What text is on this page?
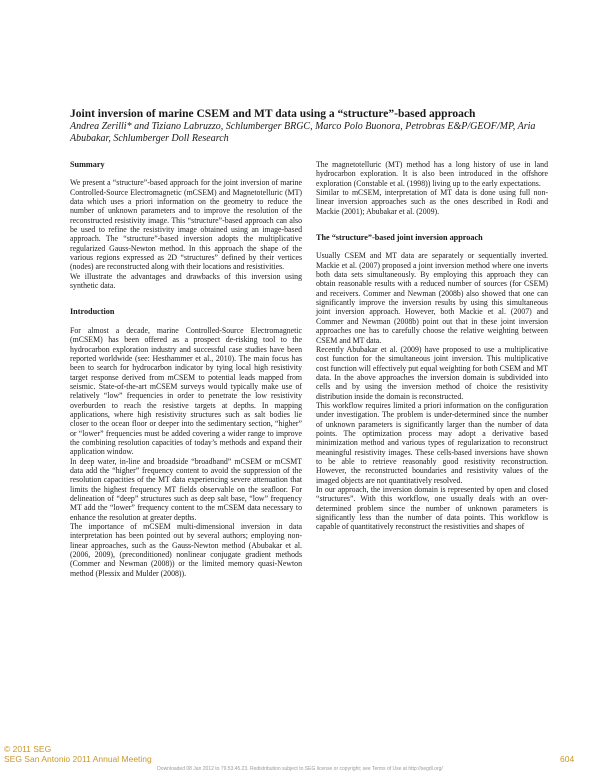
Joint inversion of marine CSEM and MT data using a “structure”-based approach
Andrea Zerilli* and Tiziano Labruzzo, Schlumberger BRGC, Marco Polo Buonora, Petrobras E&P/GEOF/MP, Aria Abubakar, Schlumberger Doll Research
Summary

We present a “structure”-based approach for the joint inversion of marine Controlled-Source Electromagnetic (mCSEM) and Magnetotelluric (MT) data which uses a priori information on the geometry to reduce the number of unknown parameters and to improve the resolution of the reconstructed resistivity image. This “structure”-based approach can also be used to refine the resistivity image obtained using an image-based approach. The “structure”-based inversion adopts the multiplicative regularized Gauss-Newton method. In this approach the shape of the various regions expressed as 2D “structures” defined by their vertices (nodes) are reconstructed along with their locations and resistivities.

We illustrate the advantages and drawbacks of this inversion using synthetic data.

Introduction

For almost a decade, marine Controlled-Source Electromagnetic (mCSEM) has been offered as a prospect de-risking tool to the hydrocarbon exploration industry and successful case studies have been reported worldwide (see: Hesthammer et al., 2010). The main focus has been to search for hydrocarbon indicator by tying local high resistivity target response derived from mCSEM to potential leads mapped from seismic. State-of-the-art mCSEM surveys would typically make use of relatively “low” frequencies in order to penetrate the low resistivity overburden to reach the resistive targets at depths. In mapping applications, where high resistivity structures such as salt bodies lie closer to the ocean floor or deeper into the sedimentary section, “higher” or “lower” frequencies must be added covering a wider range to improve the combining resolution capacities of today’s methods and expand their application window.

In deep water, in-line and broadside “broadband” mCSEM or mCSMT data add the “higher” frequency content to avoid the suppression of the resolution capacities of the MT data experiencing severe attenuation that limits the highest frequency MT fields observable on the seafloor. For delineation of “deep” structures such as deep salt base, “low” frequency MT add the “lower” frequency content to the mCSEM data necessary to enhance the resolution at greater depths.

The importance of mCSEM multi-dimensional inversion in data interpretation has been pointed out by several authors; employing non-linear approaches, such as the Gauss-Newton method (Abubakar et al. (2006, 2009), (preconditioned) nonlinear conjugate gradient methods (Commer and Newman (2008)) or the limited memory quasi-Newton method (Plessix and Mulder (2008)).

The magnetotelluric (MT) method has a long history of use in land hydrocarbon exploration. It is also been introduced in the offshore exploration (Constable et al. (1998)) living up to the early expectations.

Similar to mCSEM, interpretation of MT data is done using full non-linear inversion approaches such as the ones described in Rodi and Mackie (2001); Abubakar et al. (2009).

The “structure”-based joint inversion approach

Usually CSEM and MT data are separately or sequentially inverted. Mackie et al. (2007) proposed a joint inversion method where one inverts both data sets simultaneously. By employing this approach they can obtain reasonable results with a reduced number of sources (for CSEM) and receivers. Commer and Newman (2008b) also showed that one can significantly improve the inversion results by using this simultaneous joint inversion approach. However, both Mackie et al. (2007) and Commer and Newman (2008b) point out that in these joint inversion approaches one has to carefully choose the relative weighting between CSEM and MT data.

Recently Abubakar et al. (2009) have proposed to use a multiplicative cost function for the simultaneous joint inversion. This multiplicative cost function will effectively put equal weighting for both CSEM and MT data. In the above approaches the inversion domain is subdivided into cells and by using the inversion method of choice the resistivity distribution inside the domain is reconstructed.

This workflow requires limited a priori information on the configuration under investigation. The problem is under-determined since the number of unknown parameters is significantly larger than the number of data points. The optimization process may adopt a derivative based minimization method and various types of regularization to reconstruct meaningful resistivity images. These cells-based inversions have shown to be able to retrieve reasonably good resistivity reconstruction. However, the reconstructed boundaries and resistivity values of the imaged objects are not quantitatively resolved.

In our approach, the inversion domain is represented by open and closed “structures”. With this workflow, one usually deals with an over-determined problem since the number of unknown parameters is significantly less than the number of data points. This workflow is capable of quantitatively reconstruct the resistivities and shapes of

© 2011 SEG
SEG San Antonio 2011 Annual Meeting	604
Downloaded 08 Jan 2012 to 79.53.45.23. Redistribution subject to SEG license or copyright; see Terms of Use at http://segdl.org/
